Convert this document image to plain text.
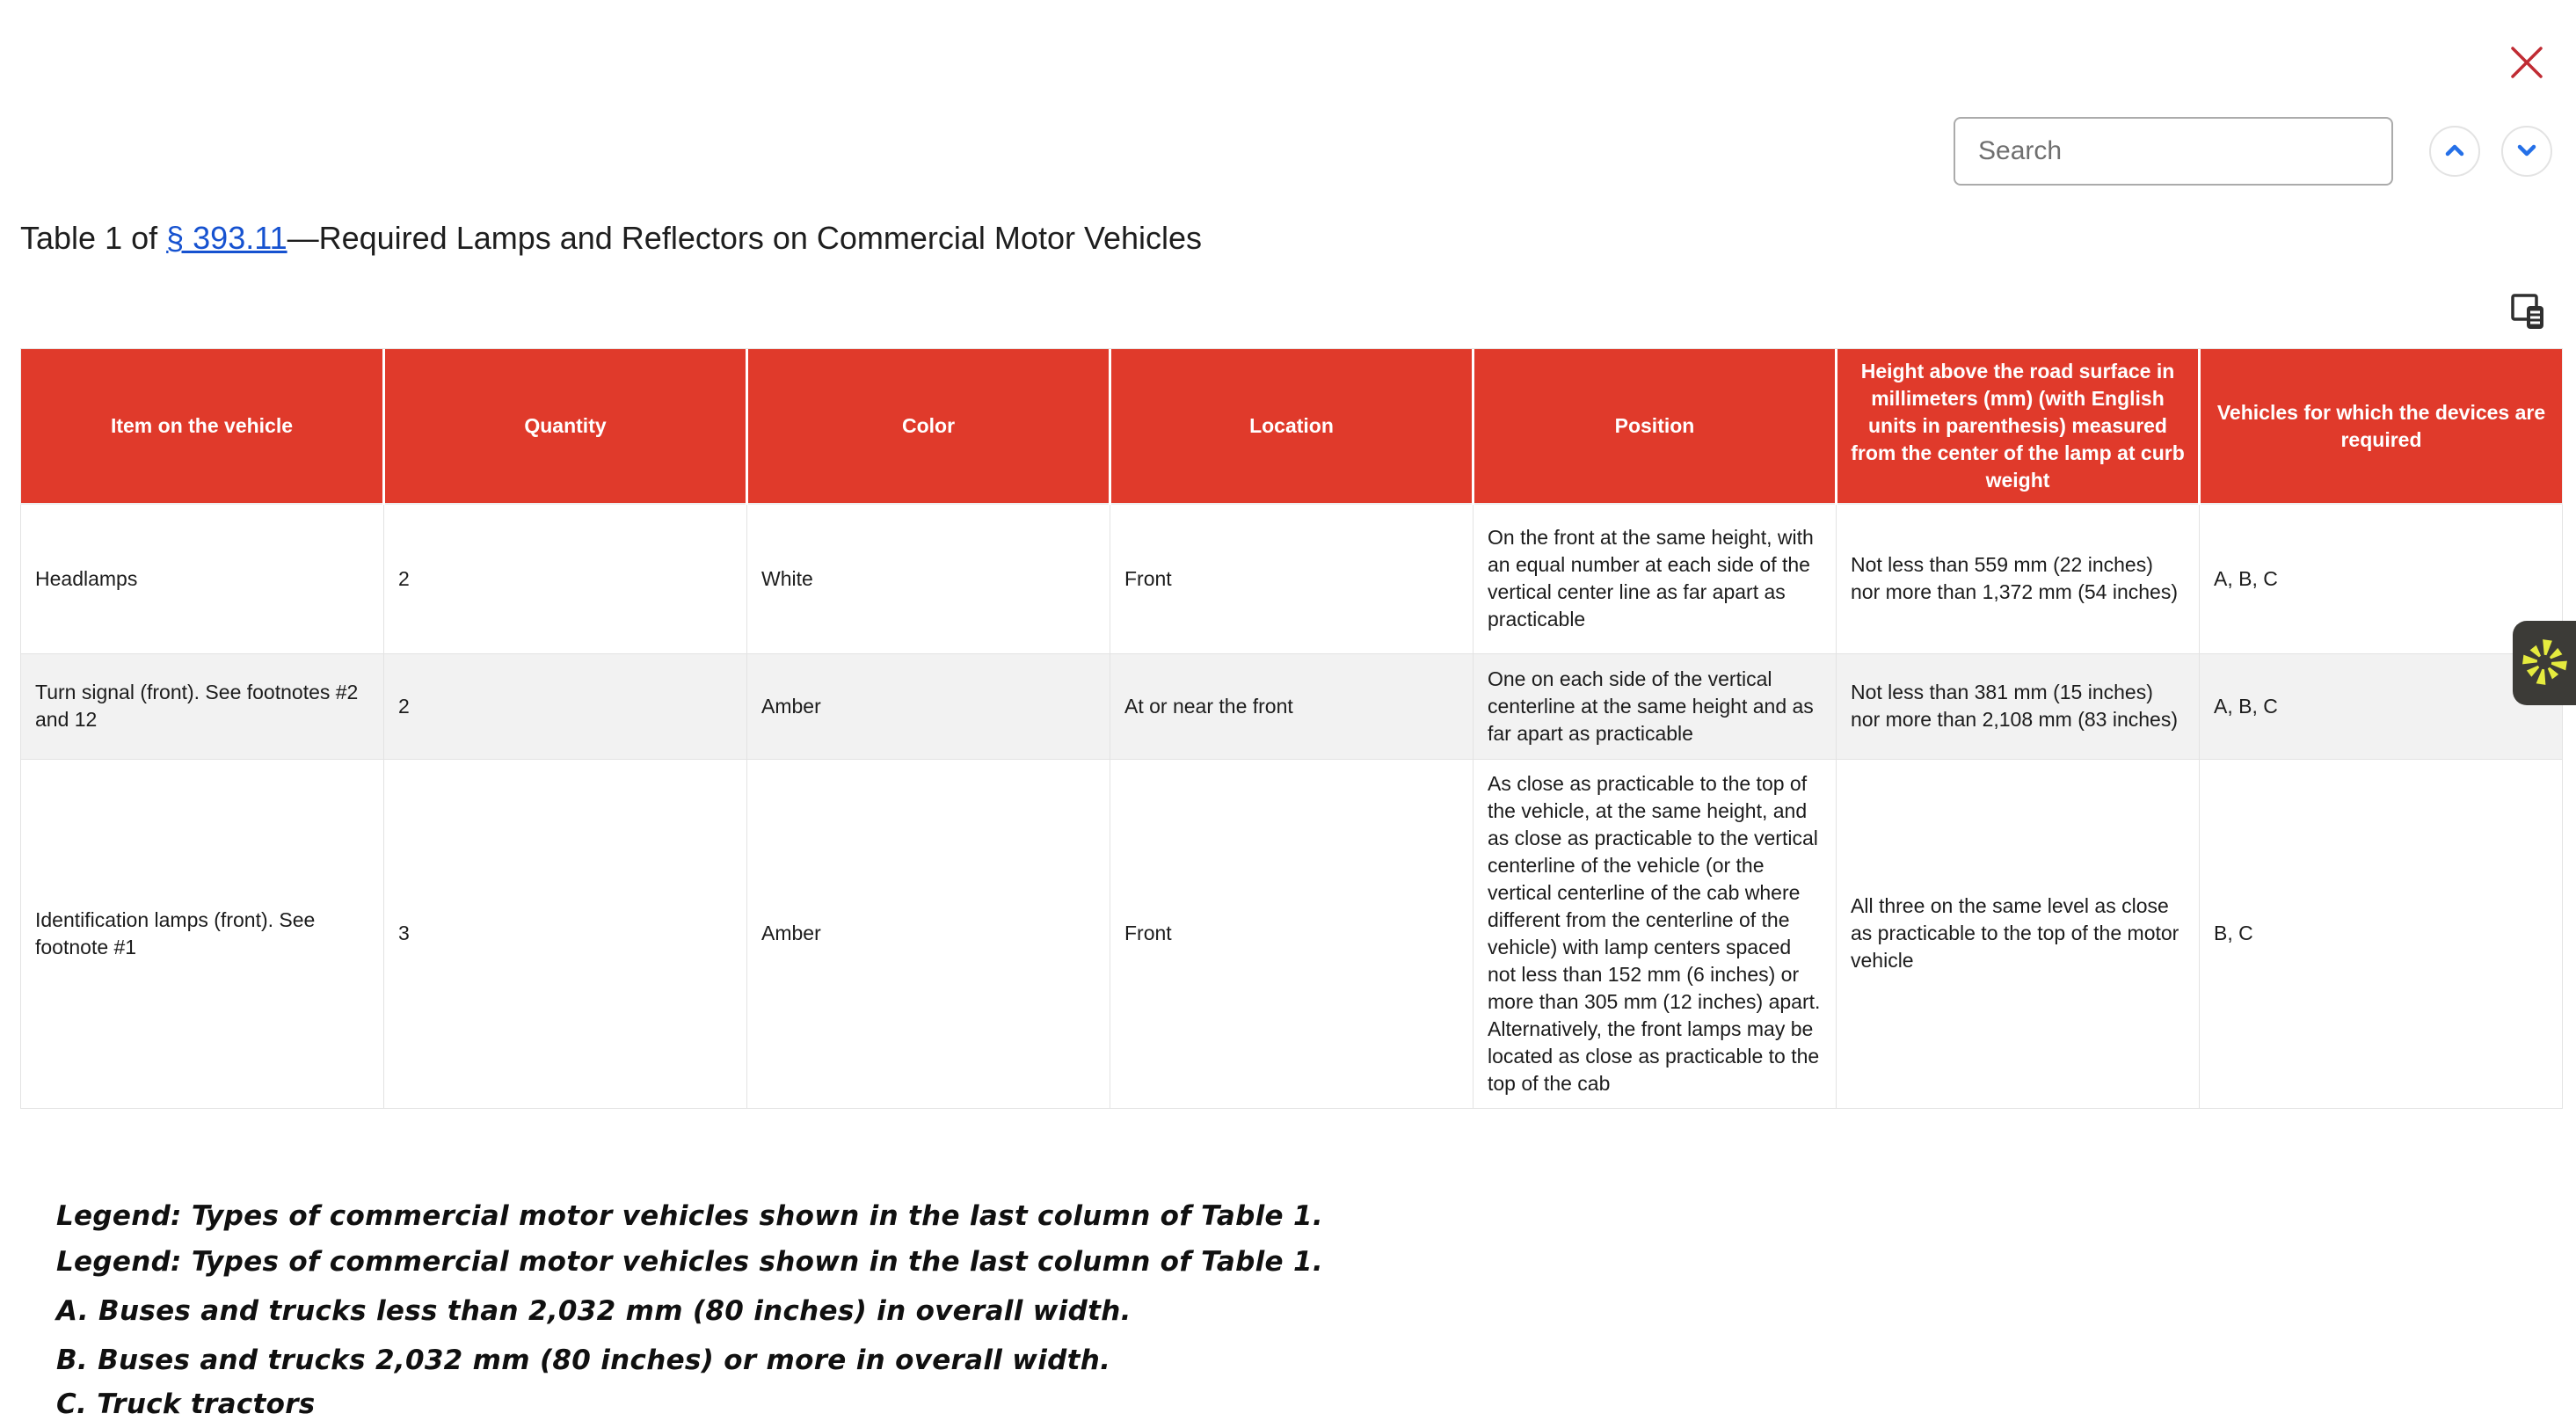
Search
Table 1 of § 393.11—Required Lamps and Reflectors on Commercial Motor Vehicles
Item on the vehicle	Quantity	Color	Location	Position	Height above the road surface in millimeters (mm) (with English units in parenthesis) measured from the center of the lamp at curb weight	Vehicles for which the devices are required
Headlamps	2	White	Front	On the front at the same height, with an equal number at each side of the vertical center line as far apart as practicable	Not less than 559 mm (22 inches) nor more than 1,372 mm (54 inches)	A, B, C
Turn signal (front). See footnotes #2 and 12	2	Amber	At or near the front	One on each side of the vertical centerline at the same height and as far apart as practicable	Not less than 381 mm (15 inches) nor more than 2,108 mm (83 inches)	A, B, C
Identification lamps (front). See footnote #1	3	Amber	Front	As close as practicable to the top of the vehicle, at the same height, and as close as practicable to the vertical centerline of the vehicle (or the vertical centerline of the cab where different from the centerline of the vehicle) with lamp centers spaced not less than 152 mm (6 inches) or more than 305 mm (12 inches) apart. Alternatively, the front lamps may be located as close as practicable to the top of the cab	All three on the same level as close as practicable to the top of the motor vehicle	B, C

Legend: Types of commercial motor vehicles shown in the last column of Table 1.

Legend: Types of commercial motor vehicles shown in the last column of Table 1.

A. Buses and trucks less than 2,032 mm (80 inches) in overall width.

B. Buses and trucks 2,032 mm (80 inches) or more in overall width.

C. Truck tractors
